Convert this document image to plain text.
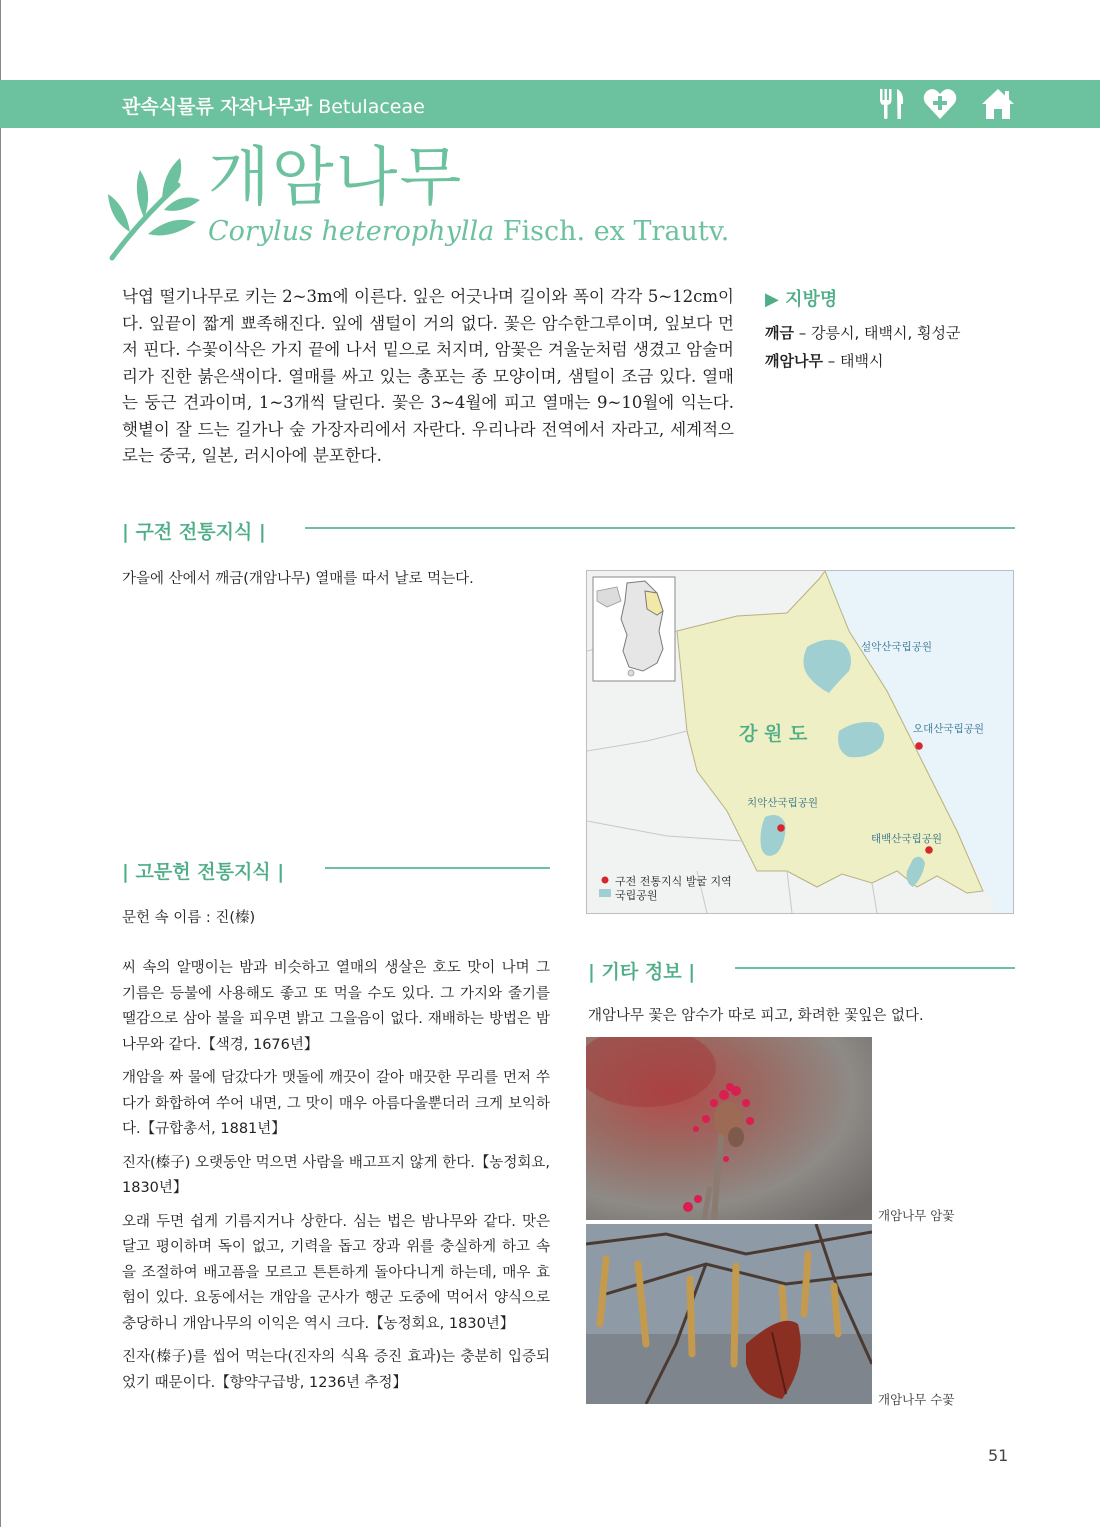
관속식물류 자작나무과 Betulaceae
개암나무
Corylus heterophylla Fisch. ex Trautv.
낙엽 떨기나무로 키는 2~3m에 이른다. 잎은 어긋나며 길이와 폭이 각각 5~12cm이다. 잎끝이 짧게 뾰족해진다. 잎에 샘털이 거의 없다. 꽃은 암수한그루이며, 잎보다 먼저 핀다. 수꽃이삭은 가지 끝에 나서 밑으로 처지며, 암꽃은 겨울눈처럼 생겼고 암술머리가 진한 붉은색이다. 열매를 싸고 있는 총포는 종 모양이며, 샘털이 조금 있다. 열매는 둥근 견과이며, 1~3개씩 달린다. 꽃은 3~4월에 피고 열매는 9~10월에 익는다. 햇볕이 잘 드는 길가나 숲 가장자리에서 자란다. 우리나라 전역에서 자라고, 세계적으로는 중국, 일본, 러시아에 분포한다.
▶ 지방명
깨금 – 강릉시, 태백시, 횡성군
깨암나무 – 태백시
| 구전 전통지식 |
가을에 산에서 깨금(개암나무) 열매를 따서 날로 먹는다.
강 원 도
설악산국립공원
오대산국립공원
치악산국립공원
태백산국립공원
구전 전통지식 발굴 지역
국립공원
| 고문헌 전통지식 |
문헌 속 이름 : 진(榛)

씨 속의 알맹이는 밤과 비슷하고 열매의 생살은 호도 맛이 나며 그 기름은 등불에 사용해도 좋고 또 먹을 수도 있다. 그 가지와 줄기를 땔감으로 삼아 불을 피우면 밝고 그을음이 없다. 재배하는 방법은 밤나무와 같다.【색경, 1676년】

개암을 짜 물에 담갔다가 맷돌에 깨끗이 갈아 매끗한 무리를 먼저 쑤다가 화합하여 쑤어 내면, 그 맛이 매우 아름다울뿐더러 크게 보익하다.【규합총서, 1881년】

진자(榛子) 오랫동안 먹으면 사람을 배고프지 않게 한다.【농정회요, 1830년】

오래 두면 쉽게 기름지거나 상한다. 심는 법은 밤나무와 같다. 맛은 달고 평이하며 독이 없고, 기력을 돕고 장과 위를 충실하게 하고 속을 조절하여 배고픔을 모르고 튼튼하게 돌아다니게 하는데, 매우 효험이 있다. 요동에서는 개암을 군사가 행군 도중에 먹어서 양식으로 충당하니 개암나무의 이익은 역시 크다.【농정회요, 1830년】

진자(榛子)를 씹어 먹는다(진자의 식욕 증진 효과)는 충분히 입증되었기 때문이다.【향약구급방, 1236년 추정】

| 기타 정보 |
개암나무 꽃은 암수가 따로 피고, 화려한 꽃잎은 없다.
개암나무 암꽃
개암나무 수꽃
51
